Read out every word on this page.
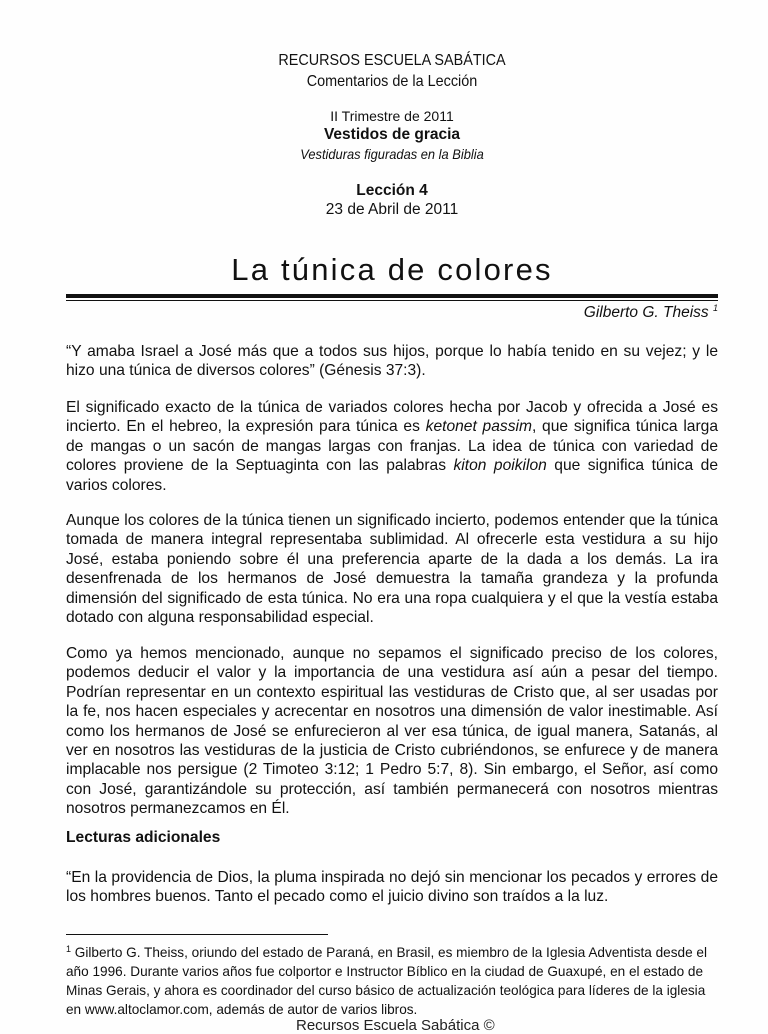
RECURSOS ESCUELA SABÁTICA
Comentarios de la Lección
II Trimestre de 2011
Vestidos de gracia
Vestiduras figuradas en la Biblia
Lección 4
23 de Abril de 2011
La túnica de colores
Gilberto G. Theiss $^1$
“Y amaba Israel a José más que a todos sus hijos, porque lo había tenido en su vejez; y le hizo una túnica de diversos colores” (Génesis 37:3).
El significado exacto de la túnica de variados colores hecha por Jacob y ofrecida a José es incierto. En el hebreo, la expresión para túnica es ketonet passim, que significa túnica larga de mangas o un sacón de mangas largas con franjas. La idea de túnica con variedad de colores proviene de la Septuaginta con las palabras kiton poikilon que significa túnica de varios colores.
Aunque los colores de la túnica tienen un significado incierto, podemos entender que la túnica tomada de manera integral representaba sublimidad. Al ofrecerle esta vestidura a su hijo José, estaba poniendo sobre él una preferencia aparte de la dada a los demás. La ira desenfrenada de los hermanos de José demuestra la tamaña grandeza y la profunda dimensión del significado de esta túnica. No era una ropa cualquiera y el que la vestía estaba dotado con alguna responsabilidad especial.
Como ya hemos mencionado, aunque no sepamos el significado preciso de los colores, podemos deducir el valor y la importancia de una vestidura así aún a pesar del tiempo. Podrían representar en un contexto espiritual las vestiduras de Cristo que, al ser usadas por la fe, nos hacen especiales y acrecentar en nosotros una dimensión de valor inestimable. Así como los hermanos de José se enfurecieron al ver esa túnica, de igual manera, Satanás, al ver en nosotros las vestiduras de la justicia de Cristo cubriéndonos, se enfurece y de manera implacable nos persigue (2 Timoteo 3:12; 1 Pedro 5:7, 8). Sin embargo, el Señor, así como con José, garantizándole su protección, así también permanecerá con nosotros mientras nosotros permanezcamos en Él.
Lecturas adicionales
“En la providencia de Dios, la pluma inspirada no dejó sin mencionar los pecados y errores de los hombres buenos. Tanto el pecado como el juicio divino son traídos a la luz.
$^1$ Gilberto G. Theiss, oriundo del estado de Paraná, en Brasil, es miembro de la Iglesia Adventista desde el año 1996. Durante varios años fue colportor e Instructor Bíblico en la ciudad de Guaxupé, en el estado de Minas Gerais, y ahora es coordinador del curso básico de actualización teológica para líderes de la iglesia en www.altoclamor.com, además de autor de varios libros.
Recursos Escuela Sabática ©
